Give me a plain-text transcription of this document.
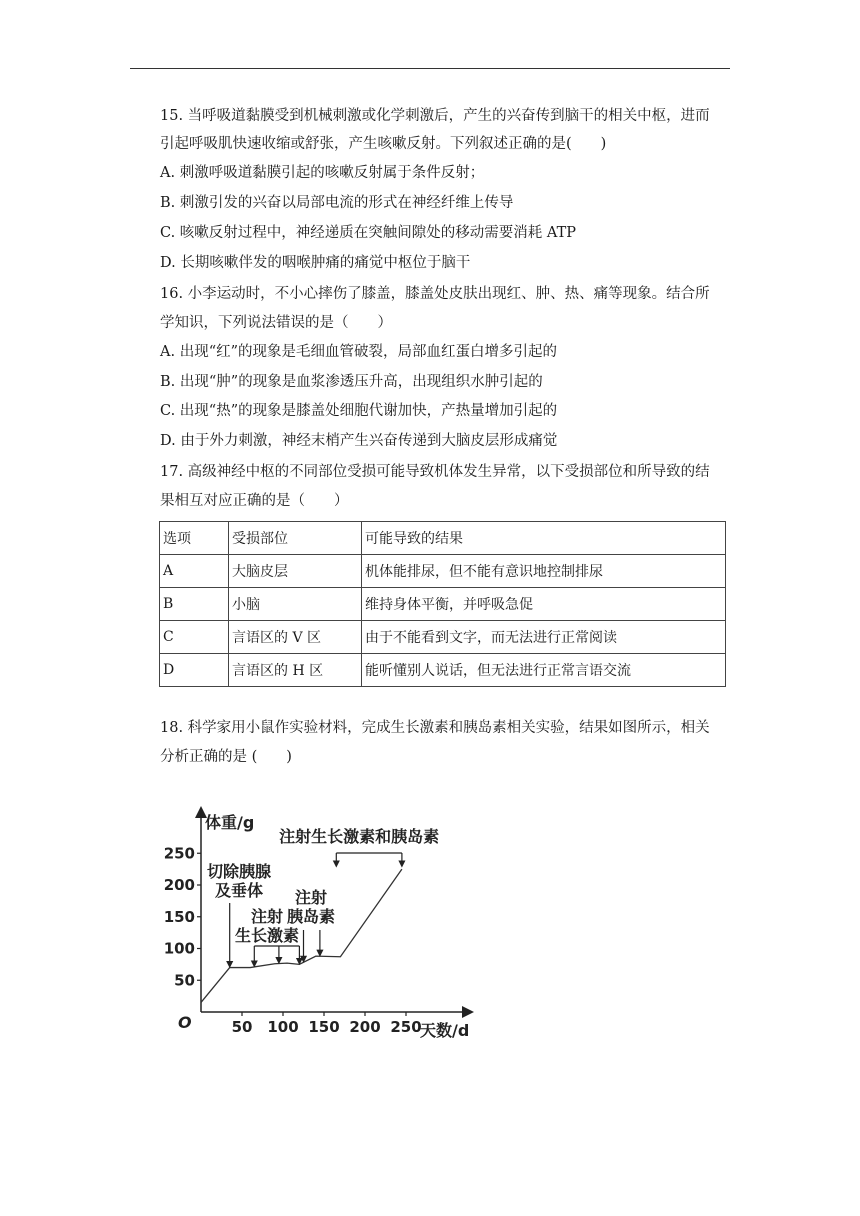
15. 当呼吸道黏膜受到机械刺激或化学刺激后，产生的兴奋传到脑干的相关中枢，进而
引起呼吸肌快速收缩或舒张，产生咳嗽反射。下列叙述正确的是(　　)
A. 刺激呼吸道黏膜引起的咳嗽反射属于条件反射；
B. 刺激引发的兴奋以局部电流的形式在神经纤维上传导
C. 咳嗽反射过程中，神经递质在突触间隙处的移动需要消耗 ATP
D. 长期咳嗽伴发的咽喉肿痛的痛觉中枢位于脑干
16. 小李运动时，不小心摔伤了膝盖，膝盖处皮肤出现红、肿、热、痛等现象。结合所
学知识，下列说法错误的是（　　）
A. 出现“红”的现象是毛细血管破裂，局部血红蛋白增多引起的
B. 出现“肿”的现象是血浆渗透压升高，出现组织水肿引起的
C. 出现“热”的现象是膝盖处细胞代谢加快，产热量增加引起的
D. 由于外力刺激，神经末梢产生兴奋传递到大脑皮层形成痛觉
17. 高级神经中枢的不同部位受损可能导致机体发生异常，以下受损部位和所导致的结
果相互对应正确的是（　　）
选项	受损部位	可能导致的结果
A	大脑皮层	机体能排尿，但不能有意识地控制排尿
B	小脑	维持身体平衡，并呼吸急促
C	言语区的 V 区	由于不能看到文字，而无法进行正常阅读
D	言语区的 H 区	能听懂别人说话，但无法进行正常言语交流
18. 科学家用小鼠作实验材料，完成生长激素和胰岛素相关实验，结果如图所示，相关
分析正确的是 (　　)
体重/g
天数/d
O	50 100 150 200 250
50
100
150
200
250
切除胰腺
及垂体
注射
生长激素
注射
胰岛素
注射生长激素和胰岛素
